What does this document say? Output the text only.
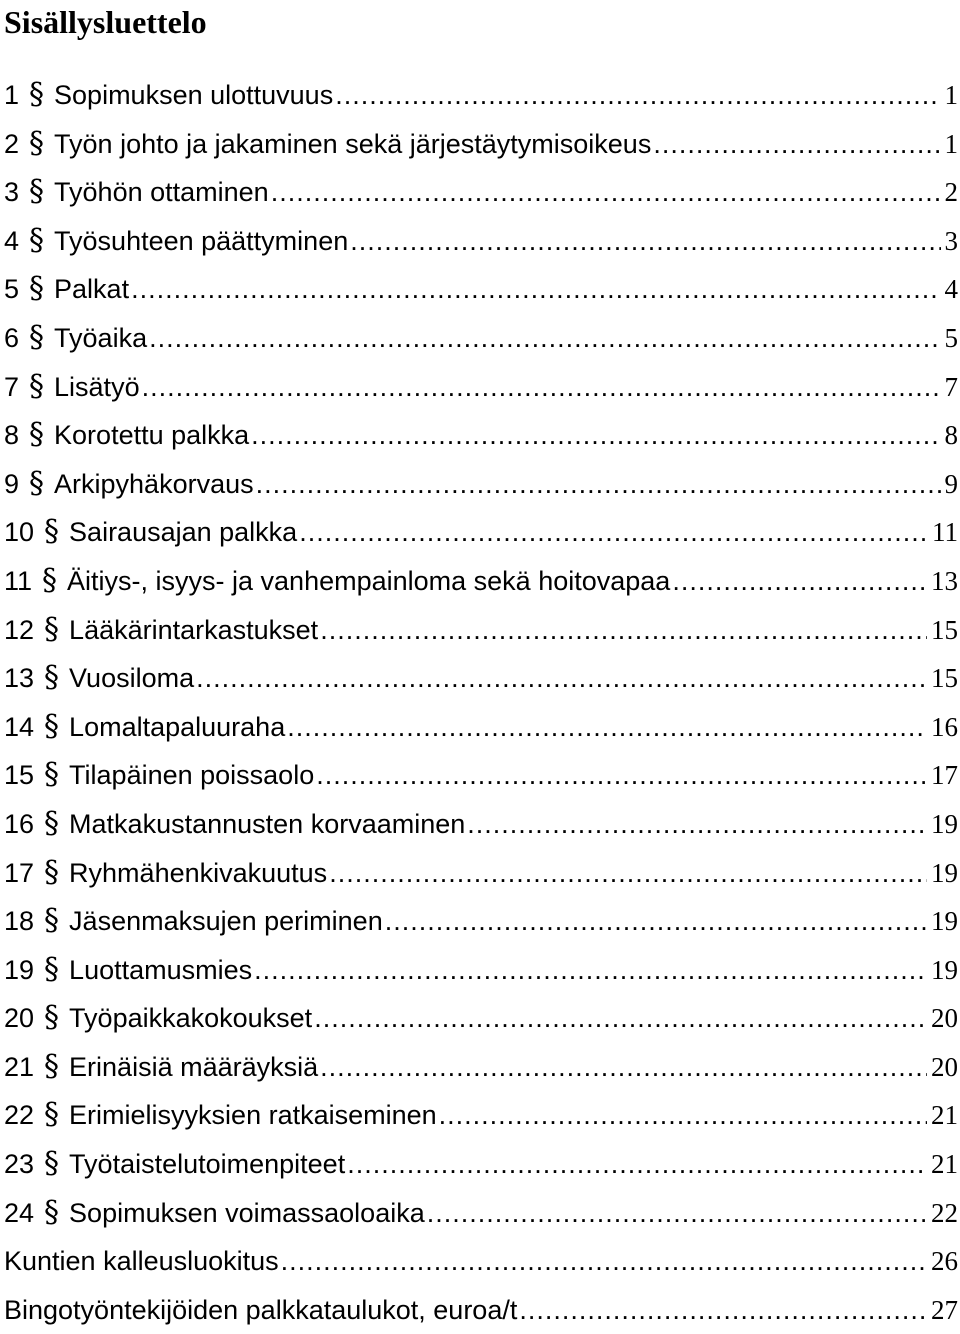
Sisällysluettelo
1 § Sopimuksen ulottuvuus .....	1
2 § Työn johto ja jakaminen sekä järjestäytymisoikeus .....	1
3 § Työhön ottaminen .....	2
4 § Työsuhteen päättyminen .....	3
5 § Palkat .....	4
6 § Työaika .....	5
7 § Lisätyö .....	7
8 § Korotettu palkka .....	8
9 § Arkipyhäkorvaus .....	9
10 § Sairausajan palkka .....	11
11 § Äitiys-, isyys- ja vanhempainloma sekä hoitovapaa .....	13
12 § Lääkärintarkastukset .....	15
13 § Vuosiloma .....	15
14 § Lomaltapaluuraha .....	16
15 § Tilapäinen poissaolo .....	17
16 § Matkakustannusten korvaaminen .....	19
17 § Ryhmähenkivakuutus .....	19
18 § Jäsenmaksujen periminen .....	19
19 § Luottamusmies .....	19
20 § Työpaikkakokoukset .....	20
21 § Erinäisiä määräyksiä .....	20
22 § Erimielisyyksien ratkaiseminen .....	21
23 § Työtaistelutoimenpiteet .....	21
24 § Sopimuksen voimassaoloaika .....	22
Kuntien kalleusluokitus .....	26
Bingotyöntekijöiden palkkataulukot, euroa/t .....	27
